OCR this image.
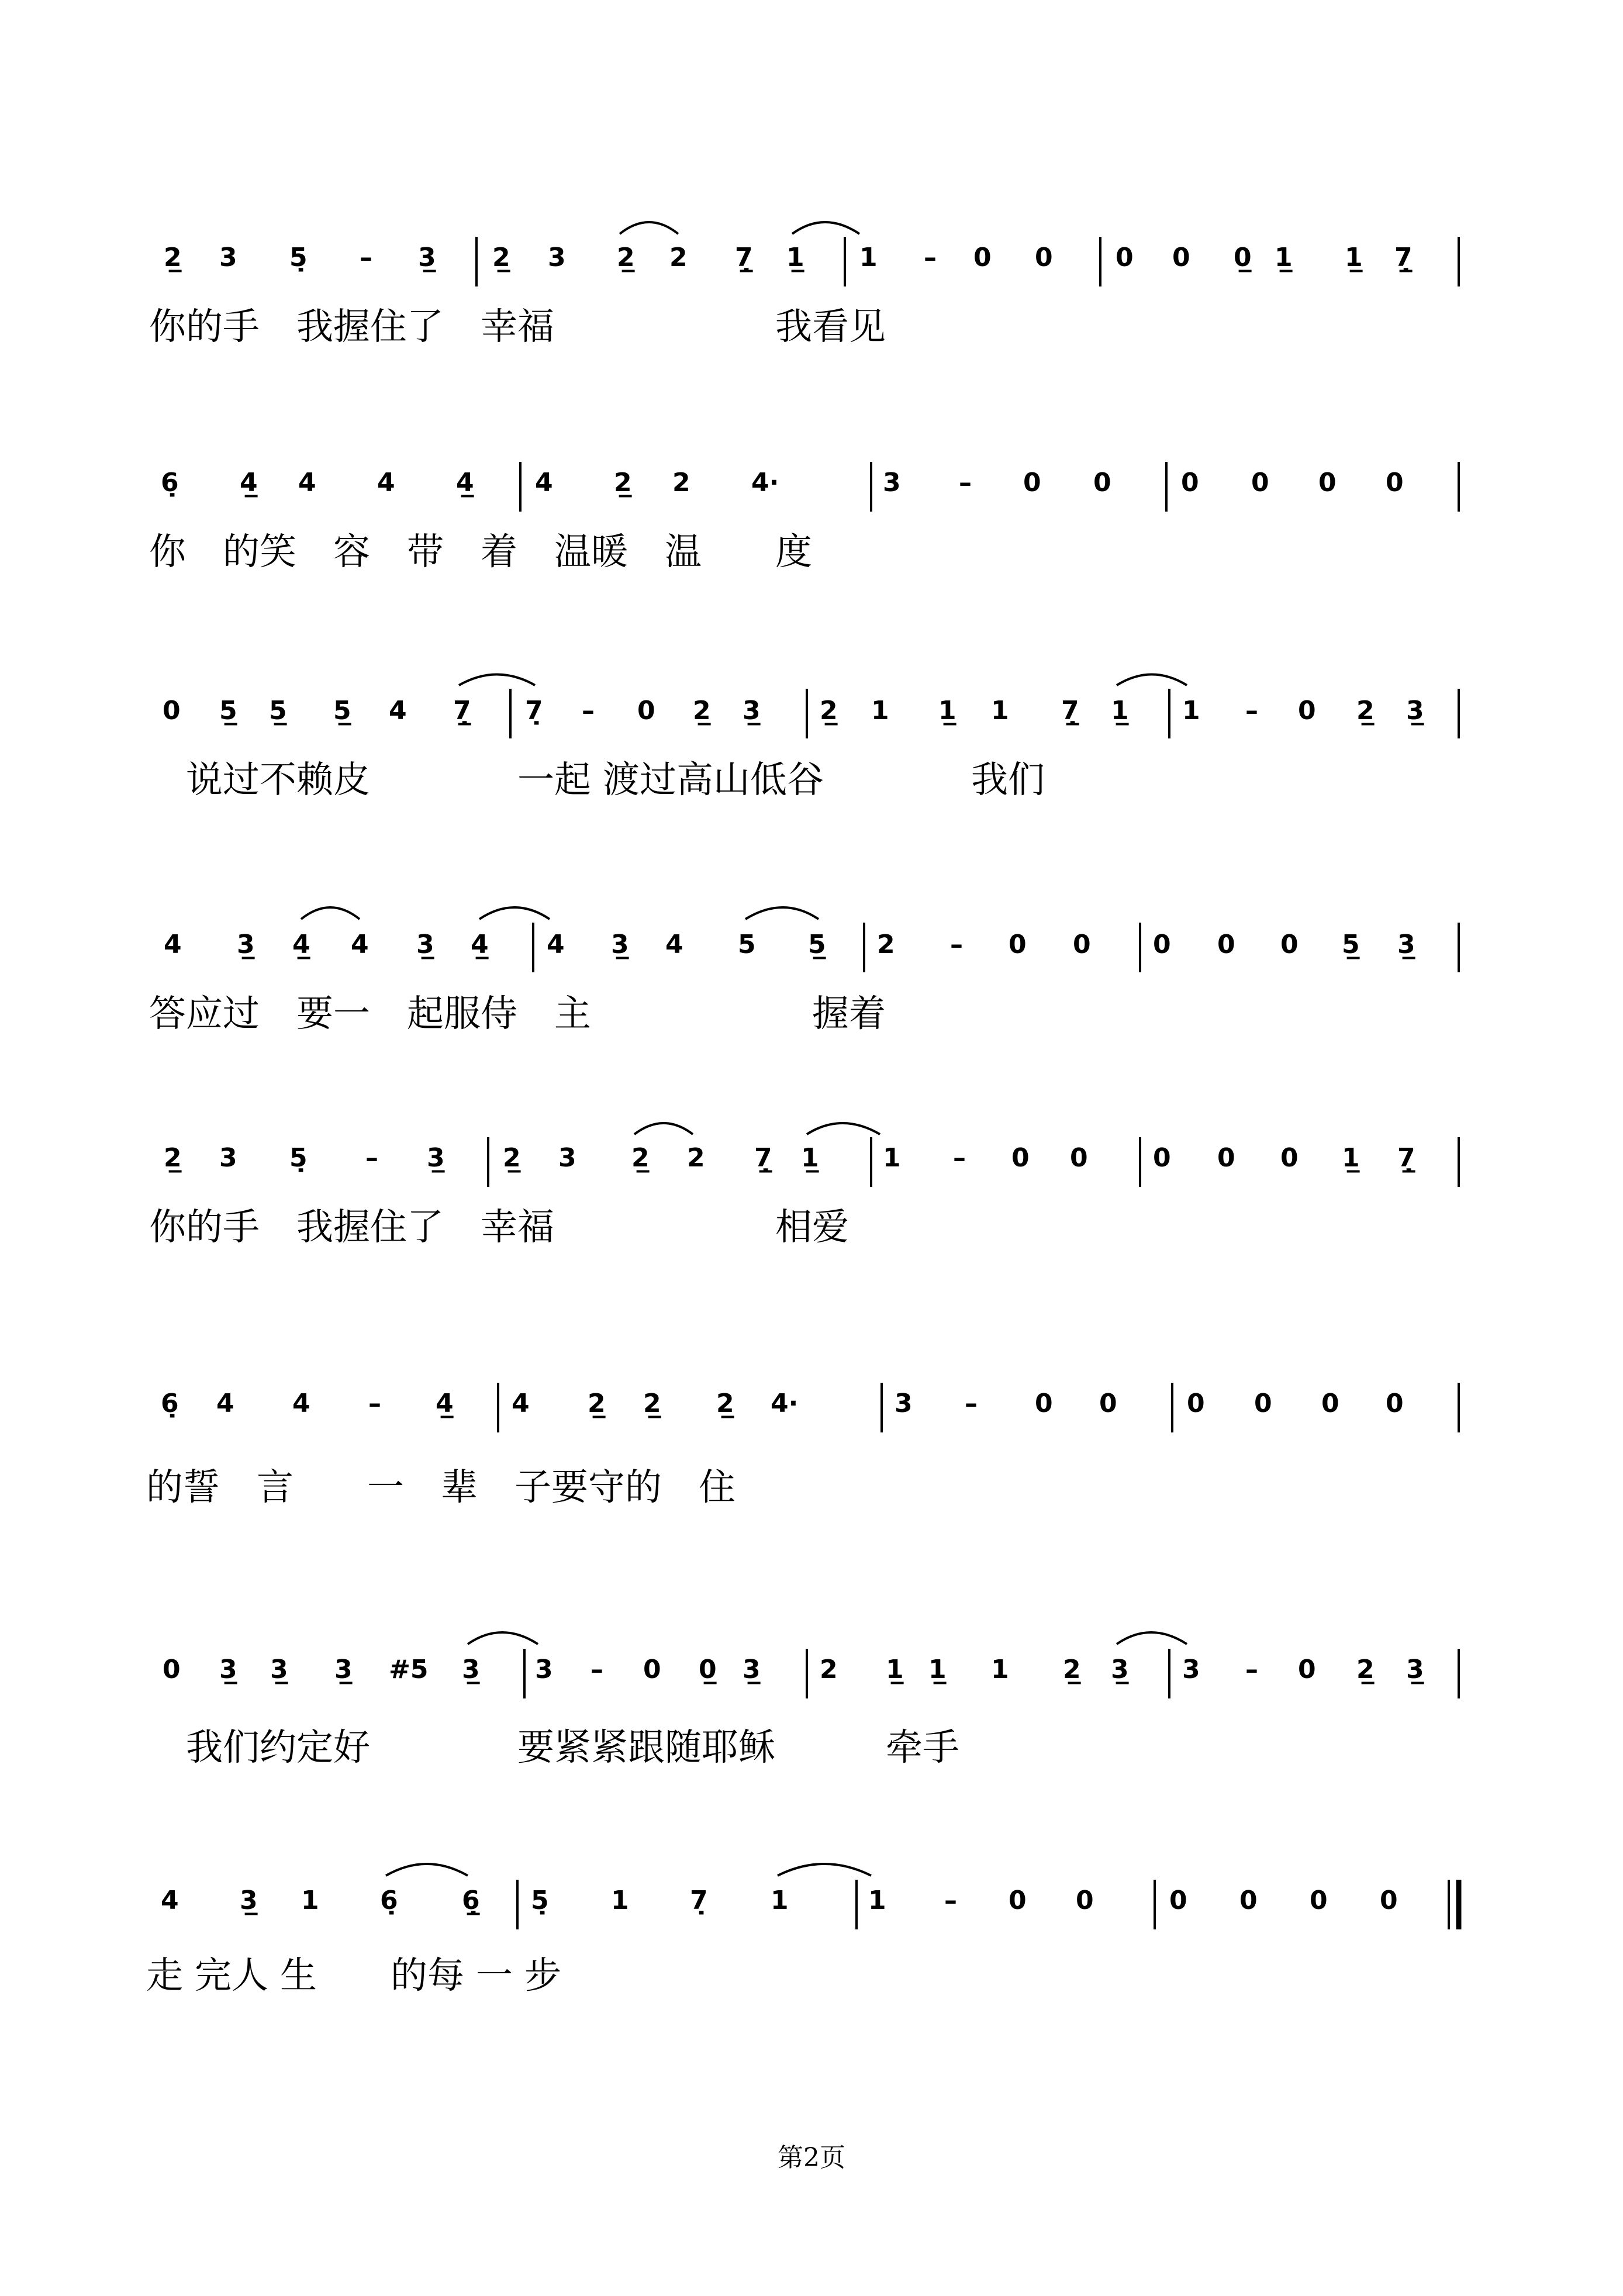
2̲ 3 5̣ – 3̲ 2̲ 3 2̲ 2 7̣̲ 1̲ 1 – 0 0 0 0 0̲ 1̲ 1̲ 7̣̲
你的手　我握住了　幸福　　　　　　我看见
6̣ 4̲ 4 4 4̲ 4 2̲ 2 4·	3 – 0 0	0 0 0 0
你　的笑　容　带　着　温暖　温　　度
0 5̲ 5̲ 5̲ 4 7̣̲ 7̣ – 0 2̲ 3̲ 2̲ 1 1̲ 1 7̣̲ 1̲ 1 – 0 2̲ 3̲
　说过不赖皮　　　　一起 渡过高山低谷　　　　我们
4 3̲ 4̲ 4 3̲ 4̲ 4 3̲ 4 5 5̲ 2 – 0 0 0 0 0 5̲ 3̲
答应过　要一　起服侍　主　　　　　　握着
2̲ 3 5̣ – 3̲ 2̲ 3 2̲ 2 7̣̲ 1̲ 1 – 0 0	0 0 0 1̲ 7̣̲
你的手　我握住了　幸福　　　　　　相爱
6̣ 4 4 – 4̲ 4 2̲ 2̲ 2̲ 4·	3 – 0 0	0 0 0 0
的誓　言　　一　辈　子要守的　住
0 3̲ 3̲ 3̲ #5 3̲ 3 – 0 0̲ 3̲ 2 1̲ 1̲ 1 2̲ 3̲ 3 – 0 2̲ 3̲
　我们约定好　　　　要紧紧跟随耶稣　　　牵手
4 3̲ 1 6̣ 6̣̲ 5̣ 1 7̣ 1	1 – 0 0	0 0 0 0
走 完人 生　　的每 一 步
第2页
